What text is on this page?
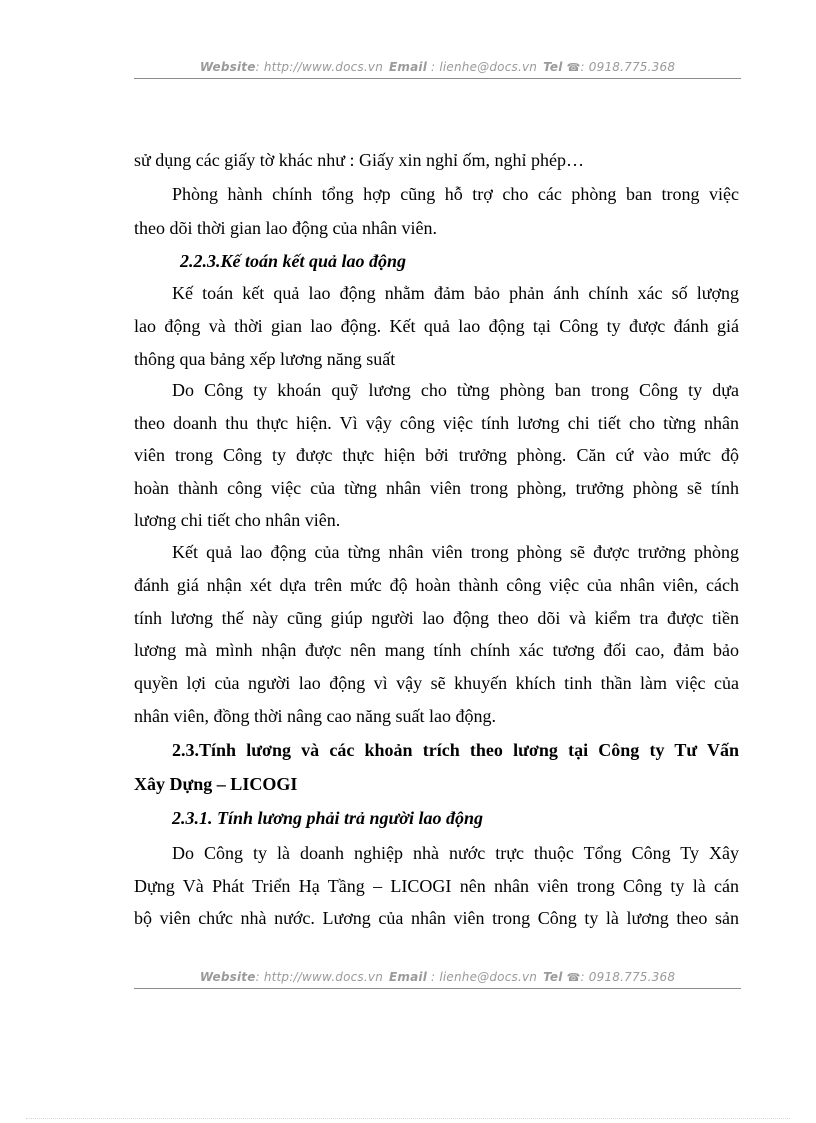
Website: http://www.docs.vn Email : lienhe@docs.vn Tel ☎: 0918.775.368
sử dụng các giấy tờ khác như : Giấy xin nghỉ ốm, nghỉ phép…
Phòng hành chính tổng hợp cũng hỗ trợ cho các phòng ban trong việc
theo dõi thời gian lao động của nhân viên.
2.2.3.Kế toán kết quả lao động
Kế toán kết quả lao động nhằm đảm bảo phản ánh chính xác số lượng
lao động và thời gian lao động. Kết quả lao động tại Công ty được đánh giá
thông qua bảng xếp lương năng suất
Do Công ty khoán quỹ lương cho từng phòng ban trong Công ty dựa
theo doanh thu thực hiện. Vì vậy công việc tính lương chi tiết cho từng nhân
viên trong Công ty được thực hiện bởi trưởng phòng. Căn cứ vào mức độ
hoàn thành công việc của từng nhân viên trong phòng, trưởng phòng sẽ tính
lương chi tiết cho nhân viên.
Kết quả lao động của từng nhân viên trong phòng sẽ được trưởng phòng
đánh giá nhận xét dựa trên mức độ hoàn thành công việc của nhân viên, cách
tính lương thế này cũng giúp người lao động theo dõi và kiểm tra được tiền
lương mà mình nhận được nên mang tính chính xác tương đối cao, đảm bảo
quyền lợi của người lao động vì vậy sẽ khuyến khích tinh thần làm việc của
nhân viên, đồng thời nâng cao năng suất lao động.
2.3.Tính lương và các khoản trích theo lương tại Công ty Tư Vấn
Xây Dựng – LICOGI
2.3.1. Tính lương phải trả người lao động
Do Công ty là doanh nghiệp nhà nước trực thuộc Tổng Công Ty Xây
Dựng Và Phát Triển Hạ Tầng – LICOGI nên nhân viên trong Công ty là cán
bộ viên chức nhà nước. Lương của nhân viên trong Công ty là lương theo sản
Website: http://www.docs.vn Email : lienhe@docs.vn Tel ☎: 0918.775.368
